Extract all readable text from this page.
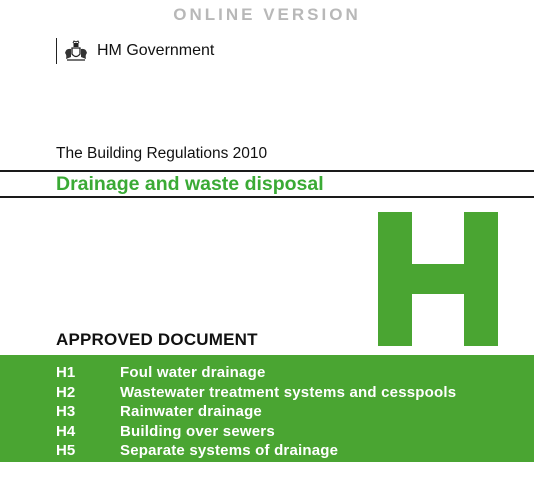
ONLINE VERSION
HM Government
The Building Regulations 2010
Drainage and waste disposal
APPROVED DOCUMENT
H1	Foul water drainage
H2	Wastewater treatment systems and cesspools
H3	Rainwater drainage
H4	Building over sewers
H5	Separate systems of drainage
H6	Solid waste storage
